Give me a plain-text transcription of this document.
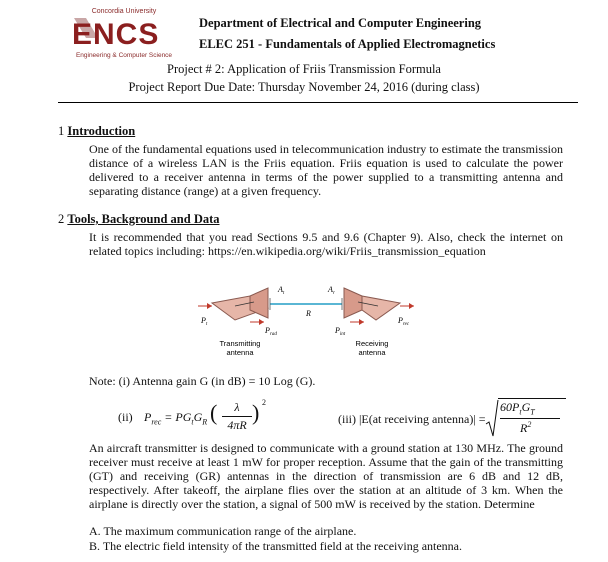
Concordia University
ENCS
Engineering & Computer Science
Department of Electrical and Computer Engineering
ELEC 251 - Fundamentals of Applied Electromagnetics
Project # 2: Application of Friis Transmission Formula
Project Report Due Date: Thursday November 24, 2016 (during class)
1 Introduction
One of the fundamental equations used in telecommunication industry to estimate the transmission distance of a wireless LAN is the Friis equation. Friis equation is used to calculate the power delivered to a receiver antenna in terms of the power supplied to a transmitting antenna and separating distance (range) at a given frequency.
2 Tools, Background and Data
It is recommended that you read Sections 9.5 and 9.6 (Chapter 9). Also, check the internet on related topics including: https://en.wikipedia.org/wiki/Friis_transmission_equation
$P_t$
$P_{rad}$	$P_{int}$
$P_{rec}$
$A_t$	$A_r$
R
Transmitting
antenna
Receiving
antenna
Note: (i) Antenna gain G (in dB) = 10 Log (G).
(ii) $P_{rec} = PG_tG_R$ (	λ
4πR ) 2
(iii) |E(at receiving antenna)| =
$60P_tG_T$
$R^2$
An aircraft transmitter is designed to communicate with a ground station at 130 MHz. The ground receiver must receive at least 1 mW for proper reception. Assume that the gain of the transmitting (GT) and receiving (GR) antennas in the direction of transmission are 6 dB and 12 dB, respectively. After takeoff, the airplane flies over the station at an altitude of 3 km. When the airplane is directly over the station, a signal of 500 mW is received by the station. Determine
A. The maximum communication range of the airplane.
B. The electric field intensity of the transmitted field at the receiving antenna.
